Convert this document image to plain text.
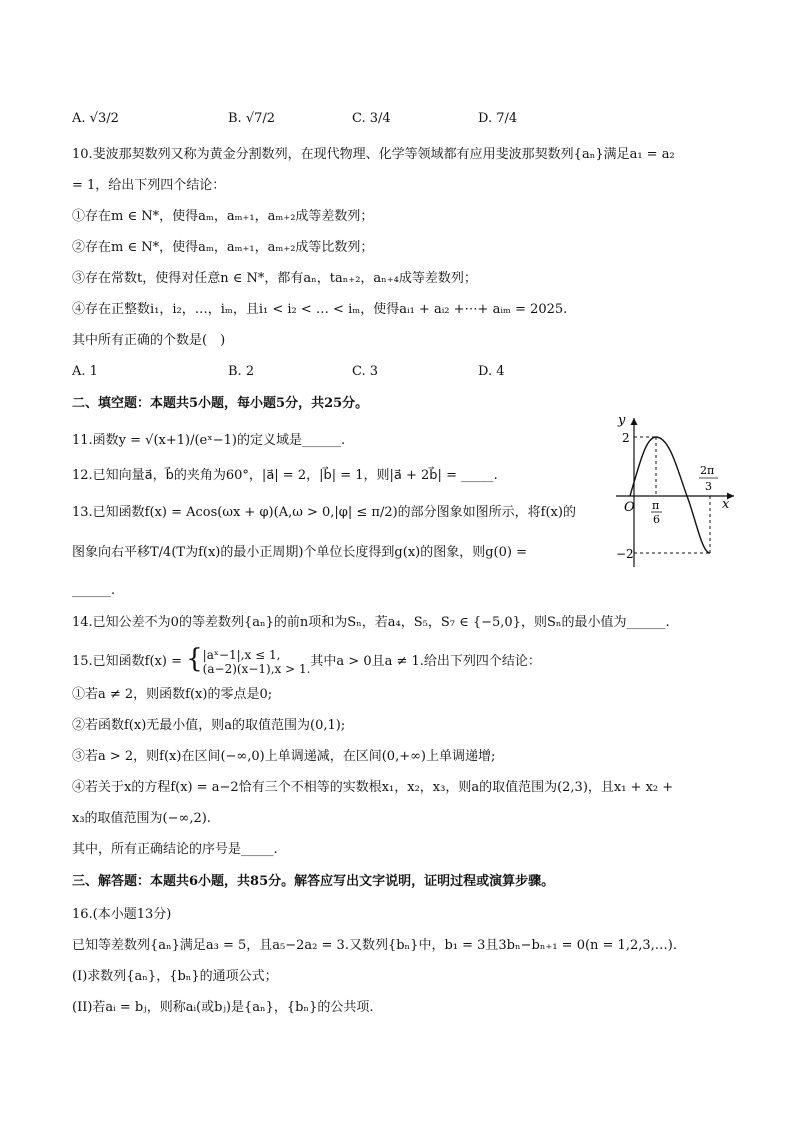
A. √3/2	B. √7/2	C. 3/4	D. 7/4
10.斐波那契数列又称为黄金分割数列，在现代物理、化学等领域都有应用斐波那契数列{aₙ}满足a₁ = a₂
= 1，给出下列四个结论：
①存在m ∈ N*，使得aₘ，aₘ₊₁，aₘ₊₂成等差数列；
②存在m ∈ N*，使得aₘ，aₘ₊₁，aₘ₊₂成等比数列；
③存在常数t，使得对任意n ∈ N*，都有aₙ，taₙ₊₂，aₙ₊₄成等差数列；
④存在正整数i₁，i₂，…，iₘ，且i₁ < i₂ < … < iₘ，使得aᵢ₁ + aᵢ₂ +⋯+ aᵢₘ = 2025.
其中所有正确的个数是(　)
A. 1	B. 2	C. 3	D. 4
二、填空题：本题共5小题，每小题5分，共25分。
11.函数y = √(x+1)/(eˣ−1)的定义域是______.
12.已知向量a⃗，b⃗的夹角为60°，|a⃗| = 2，|b⃗| = 1，则|a⃗ + 2b⃗| = _____.
13.已知函数f(x) = Acos(ωx + φ)(A,ω > 0,|φ| ≤ π/2)的部分图象如图所示，将f(x)的
图象向右平移T/4(T为f(x)的最小正周期)个单位长度得到g(x)的图象，则g(0) =
______.
y
x
O
2
−2
π
6
2π
3
14.已知公差不为0的等差数列{aₙ}的前n项和为Sₙ，若a₄，S₅，S₇ ∈ {−5,0}，则Sₙ的最小值为______.
15.已知函数f(x) = { |aˣ−1|,x ≤ 1,
(a−2)(x−1),x > 1. 其中a > 0且a ≠ 1.给出下列四个结论：
①若a ≠ 2，则函数f(x)的零点是0;
②若函数f(x)无最小值，则a的取值范围为(0,1);
③若a > 2，则f(x)在区间(−∞,0)上单调递减，在区间(0,+∞)上单调递增;
④若关于x的方程f(x) = a−2恰有三个不相等的实数根x₁，x₂，x₃，则a的取值范围为(2,3)，且x₁ + x₂ +
x₃的取值范围为(−∞,2).
其中，所有正确结论的序号是_____.
三、解答题：本题共6小题，共85分。解答应写出文字说明，证明过程或演算步骤。
16.(本小题13分)
已知等差数列{aₙ}满足a₃ = 5，且a₅−2a₂ = 3.又数列{bₙ}中，b₁ = 3且3bₙ−bₙ₊₁ = 0(n = 1,2,3,…).
(I)求数列{aₙ}，{bₙ}的通项公式；
(II)若aᵢ = bⱼ，则称aᵢ(或bⱼ)是{aₙ}，{bₙ}的公共项.
